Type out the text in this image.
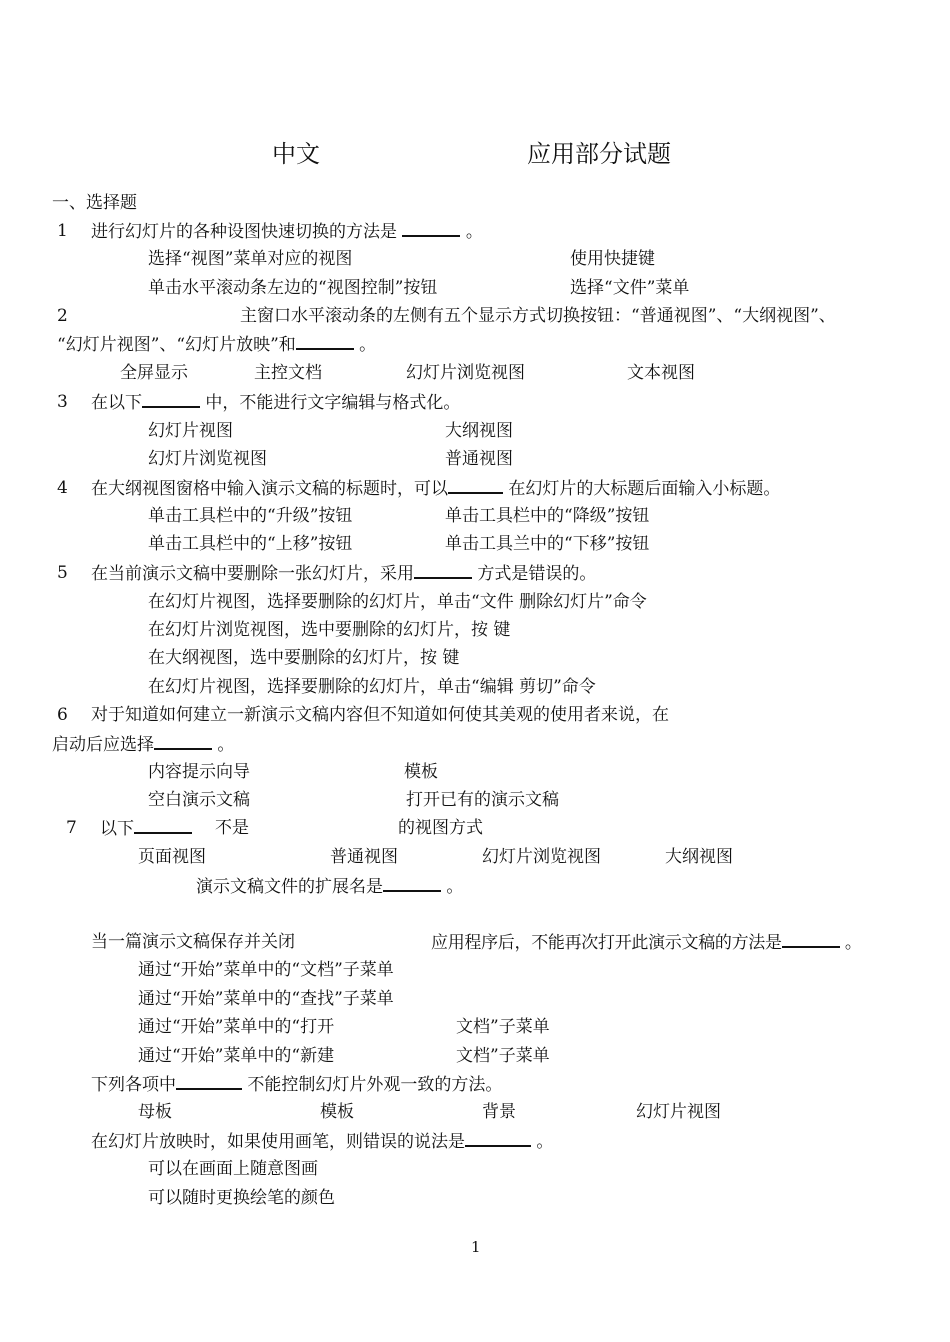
中文	应用部分试题
一、选择题
1 进行幻灯片的各种设图快速切换的方法是	。
选择“视图”菜单对应的视图	使用快捷键
单击水平滚动条左边的“视图控制”按钮	选择“文件”菜单
2	主窗口水平滚动条的左侧有五个显示方式切换按钮：“普通视图”、“大纲视图”、
“幻灯片视图”、“幻灯片放映”和	。
全屏显示	主控文档	幻灯片浏览视图	文本视图
3 在以下	中，不能进行文字编辑与格式化。
幻灯片视图	大纲视图
幻灯片浏览视图	普通视图
4 在大纲视图窗格中输入演示文稿的标题时，可以	在幻灯片的大标题后面输入小标题。
单击工具栏中的“升级”按钮	单击工具栏中的“降级”按钮
单击工具栏中的“上移”按钮	单击工具兰中的“下移”按钮
5 在当前演示文稿中要删除一张幻灯片，采用	方式是错误的。
在幻灯片视图，选择要删除的幻灯片，单击“文件 删除幻灯片”命令
在幻灯片浏览视图，选中要删除的幻灯片，按 键
在大纲视图，选中要删除的幻灯片，按 键
在幻灯片视图，选择要删除的幻灯片，单击“编辑 剪切”命令
6 对于知道如何建立一新演示文稿内容但不知道如何使其美观的使用者来说，在
启动后应选择	。
内容提示向导	模板
空白演示文稿	打开已有的演示文稿
7 以下	不是	的视图方式
页面视图	普通视图	幻灯片浏览视图	大纲视图
演示文稿文件的扩展名是	。
当一篇演示文稿保存并关闭	应用程序后，不能再次打开此演示文稿的方法是	。
通过“开始”菜单中的“文档”子菜单
通过“开始”菜单中的“查找”子菜单
通过“开始”菜单中的“打开	文档”子菜单
通过“开始”菜单中的“新建	文档”子菜单
下列各项中	不能控制幻灯片外观一致的方法。
母板	模板	背景	幻灯片视图
在幻灯片放映时，如果使用画笔，则错误的说法是	。
可以在画面上随意图画
可以随时更换绘笔的颜色
1
